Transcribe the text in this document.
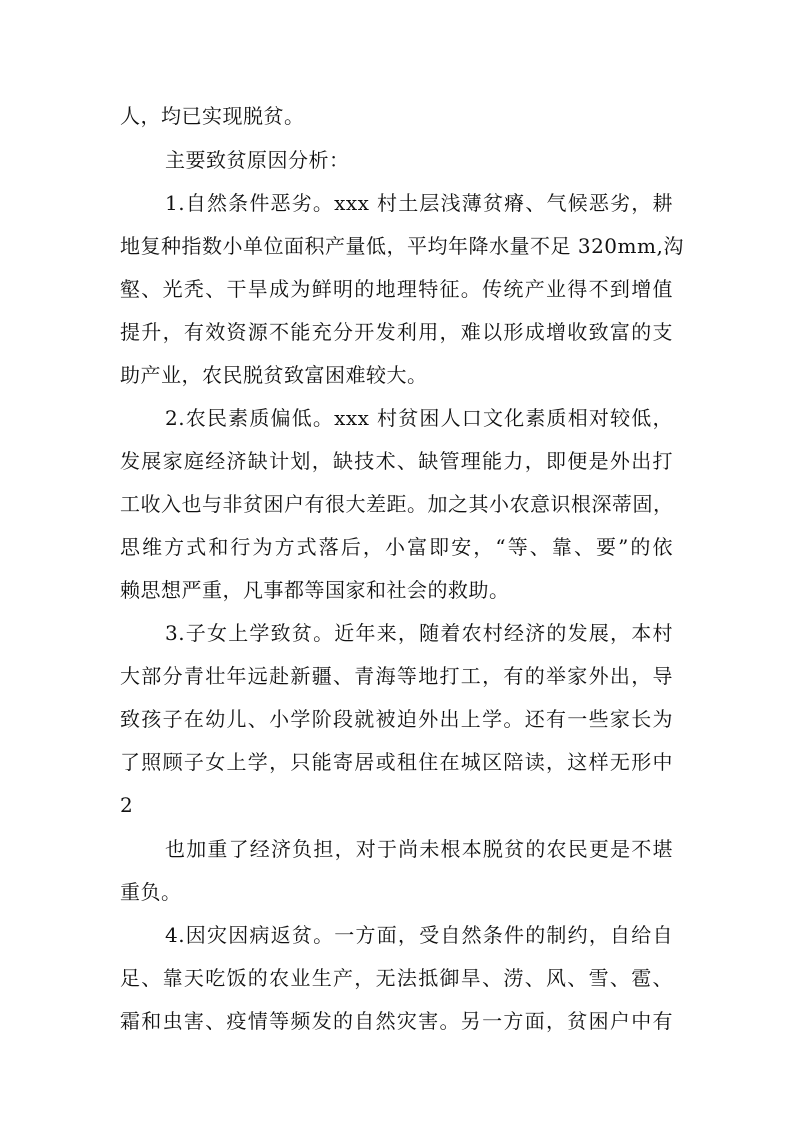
人，均已实现脱贫。
主要致贫原因分析：
1.自然条件恶劣。xxx 村土层浅薄贫瘠、气候恶劣，耕
地复种指数小单位面积产量低，平均年降水量不足 320mm,沟
壑、光秃、干旱成为鲜明的地理特征。传统产业得不到增值
提升，有效资源不能充分开发利用，难以形成增收致富的支
助产业，农民脱贫致富困难较大。
2.农民素质偏低。xxx 村贫困人口文化素质相对较低，
发展家庭经济缺计划，缺技术、缺管理能力，即便是外出打
工收入也与非贫困户有很大差距。加之其小农意识根深蒂固，
思维方式和行为方式落后，小富即安，“等、靠、要”的依
赖思想严重，凡事都等国家和社会的救助。
3.子女上学致贫。近年来，随着农村经济的发展，本村
大部分青壮年远赴新疆、青海等地打工，有的举家外出，导
致孩子在幼儿、小学阶段就被迫外出上学。还有一些家长为
了照顾子女上学，只能寄居或租住在城区陪读，这样无形中
2
也加重了经济负担，对于尚未根本脱贫的农民更是不堪
重负。
4.因灾因病返贫。一方面，受自然条件的制约，自给自
足、靠天吃饭的农业生产，无法抵御旱、涝、风、雪、雹、
霜和虫害、疫情等频发的自然灾害。另一方面，贫困户中有
